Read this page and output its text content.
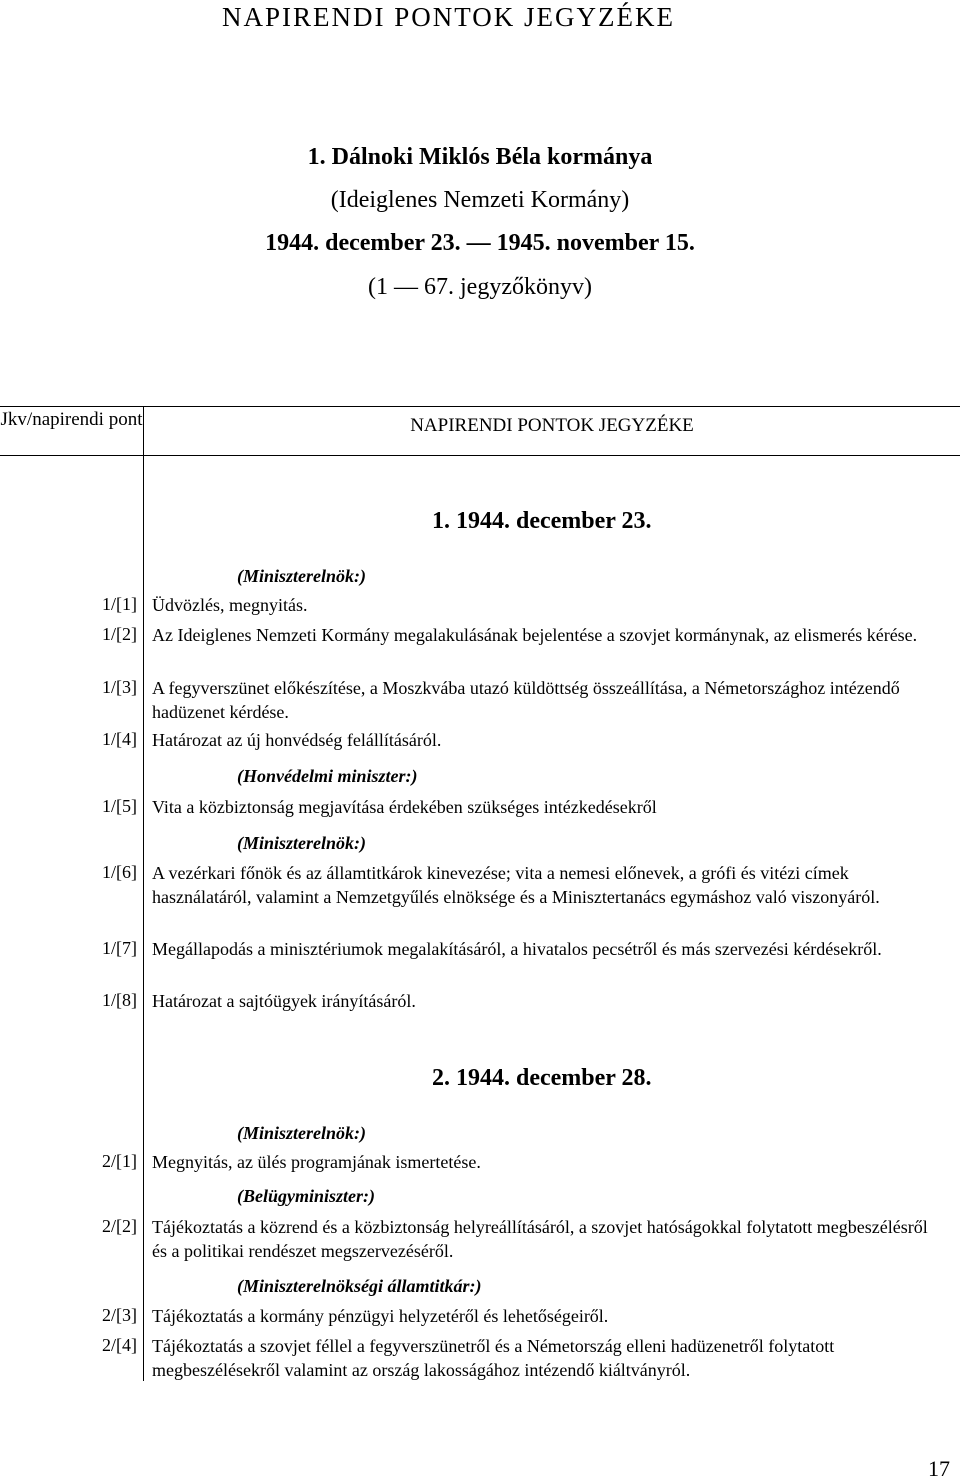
NAPIRENDI PONTOK JEGYZÉKE
1. Dálnoki Miklós Béla kormánya
(Ideiglenes Nemzeti Kormány)
1944. december 23. — 1945. november 15.
(1 — 67. jegyzőkönyv)
Jkv/napirendi pont	NAPIRENDI PONTOK JEGYZÉKE
1. 1944. december 23.
(Miniszterelnök:)
1/[1] Üdvözlés, megnyitás.
1/[2] Az Ideiglenes Nemzeti Kormány megalakulásának bejelentése a szovjet kormánynak, az elismerés kérése.
1/[3] A fegyverszünet előkészítése, a Moszkvába utazó küldöttség összeállítása, a Németországhoz intézendő hadüzenet kérdése.
1/[4] Határozat az új honvédség felállításáról.
(Honvédelmi miniszter:)
1/[5] Vita a közbiztonság megjavítása érdekében szükséges intézkedésekről
(Miniszterelnök:)
1/[6] A vezérkari főnök és az államtitkárok kinevezése; vita a nemesi előnevek, a grófi és vitézi címek használatáról, valamint a Nemzetgyűlés elnöksége és a Minisztertanács egymáshoz való viszonyáról.
1/[7] Megállapodás a minisztériumok megalakításáról, a hivatalos pecsétről és más szervezési kérdésekről.
1/[8] Határozat a sajtóügyek irányításáról.
2. 1944. december 28.
(Miniszterelnök:)
2/[1] Megnyitás, az ülés programjának ismertetése.
(Belügyminiszter:)
2/[2] Tájékoztatás a közrend és a közbiztonság helyreállításáról, a szovjet hatóságokkal folytatott megbeszélésről és a politikai rendészet megszervezéséről.
(Miniszterelnökségi államtitkár:)
2/[3] Tájékoztatás a kormány pénzügyi helyzetéről és lehetőségeiről.
2/[4] Tájékoztatás a szovjet féllel a fegyverszünetről és a Németország elleni hadüzenetről folytatott megbeszélésekről valamint az ország lakosságához intézendő kiáltványról.
17
